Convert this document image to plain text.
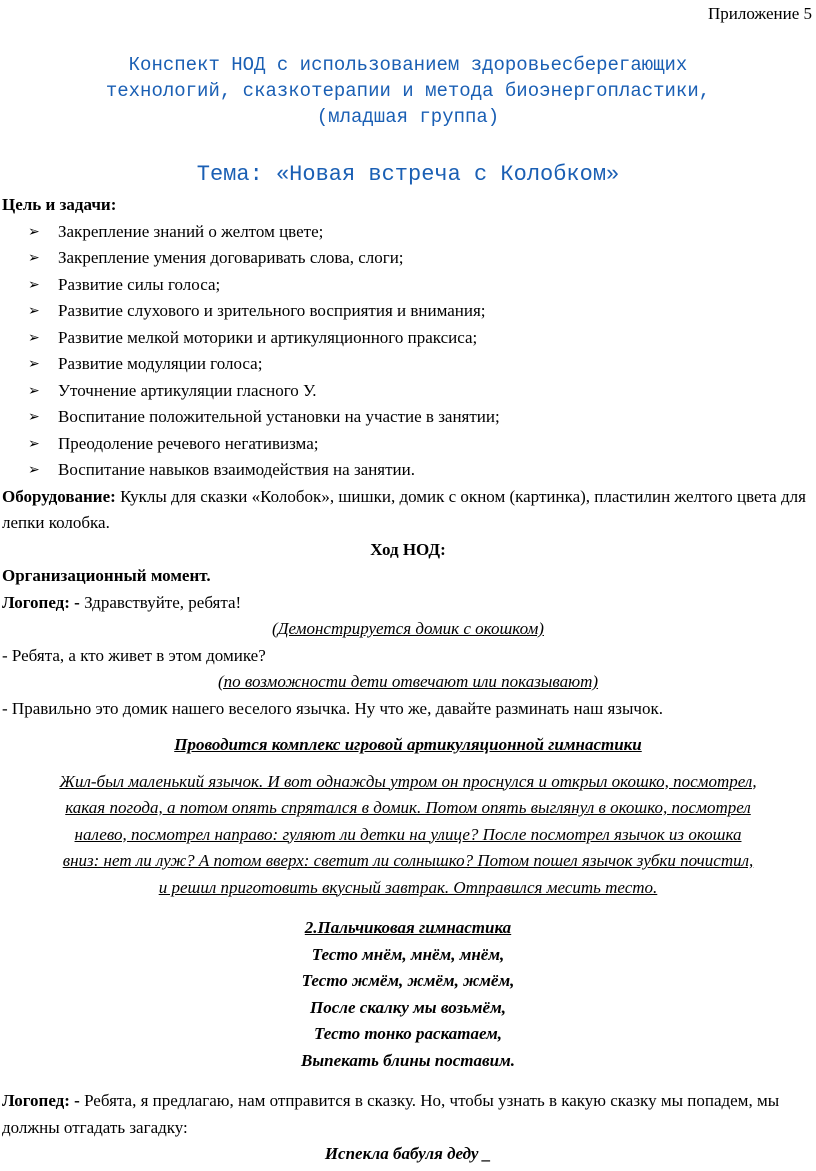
Приложение 5
Конспект НОД с использованием здоровьесберегающих
технологий, сказкотерапии и метода биоэнергопластики,
(младшая группа)
Тема: «Новая встреча с Колобком»

Цель и задачи:

➢ Закрепление знаний о желтом цвете;
➢ Закрепление умения договаривать слова, слоги;
➢ Развитие силы голоса;
➢ Развитие слухового и зрительного восприятия и внимания;
➢ Развитие мелкой моторики и артикуляционного праксиса;
➢ Развитие модуляции голоса;
➢ Уточнение артикуляции гласного У.
➢ Воспитание положительной установки на участие в занятии;
➢ Преодоление речевого негативизма;
➢ Воспитание навыков взаимодействия на занятии.

Оборудование: Куклы для сказки «Колобок», шишки, домик с окном (картинка), пластилин желтого цвета для лепки колобка.

Ход НОД:

Организационный момент.

Логопед: - Здравствуйте, ребята!

(Демонстрируется домик с окошком)

- Ребята, а кто живет в этом домике?

(по возможности дети отвечают или показывают)

- Правильно это домик нашего веселого язычка. Ну что же, давайте разминать наш язычок.

Проводится комплекс игровой артикуляционной гимнастики

Жил-был маленький язычок. И вот однажды утром он проснулся и открыл окошко, посмотрел,
какая погода, а потом опять спрятался в домик. Потом опять выглянул в окошко, посмотрел
налево, посмотрел направо: гуляют ли детки на улице? После посмотрел язычок из окошка
вниз: нет ли луж? А потом вверх: светит ли солнышко? Потом пошел язычок зубки почистил,
и решил приготовить вкусный завтрак. Отправился месить тесто.

2.Пальчиковая гимнастика

Тесто мнём, мнём, мнём,
Тесто жмём, жмём, жмём,
После скалку мы возьмём,
Тесто тонко раскатаем,
Выпекать блины поставим.

Логопед: - Ребята, я предлагаю, нам отправится в сказку. Но, чтобы узнать в какую сказку мы попадем, мы должны отгадать загадку:

Испекла бабуля деду _
